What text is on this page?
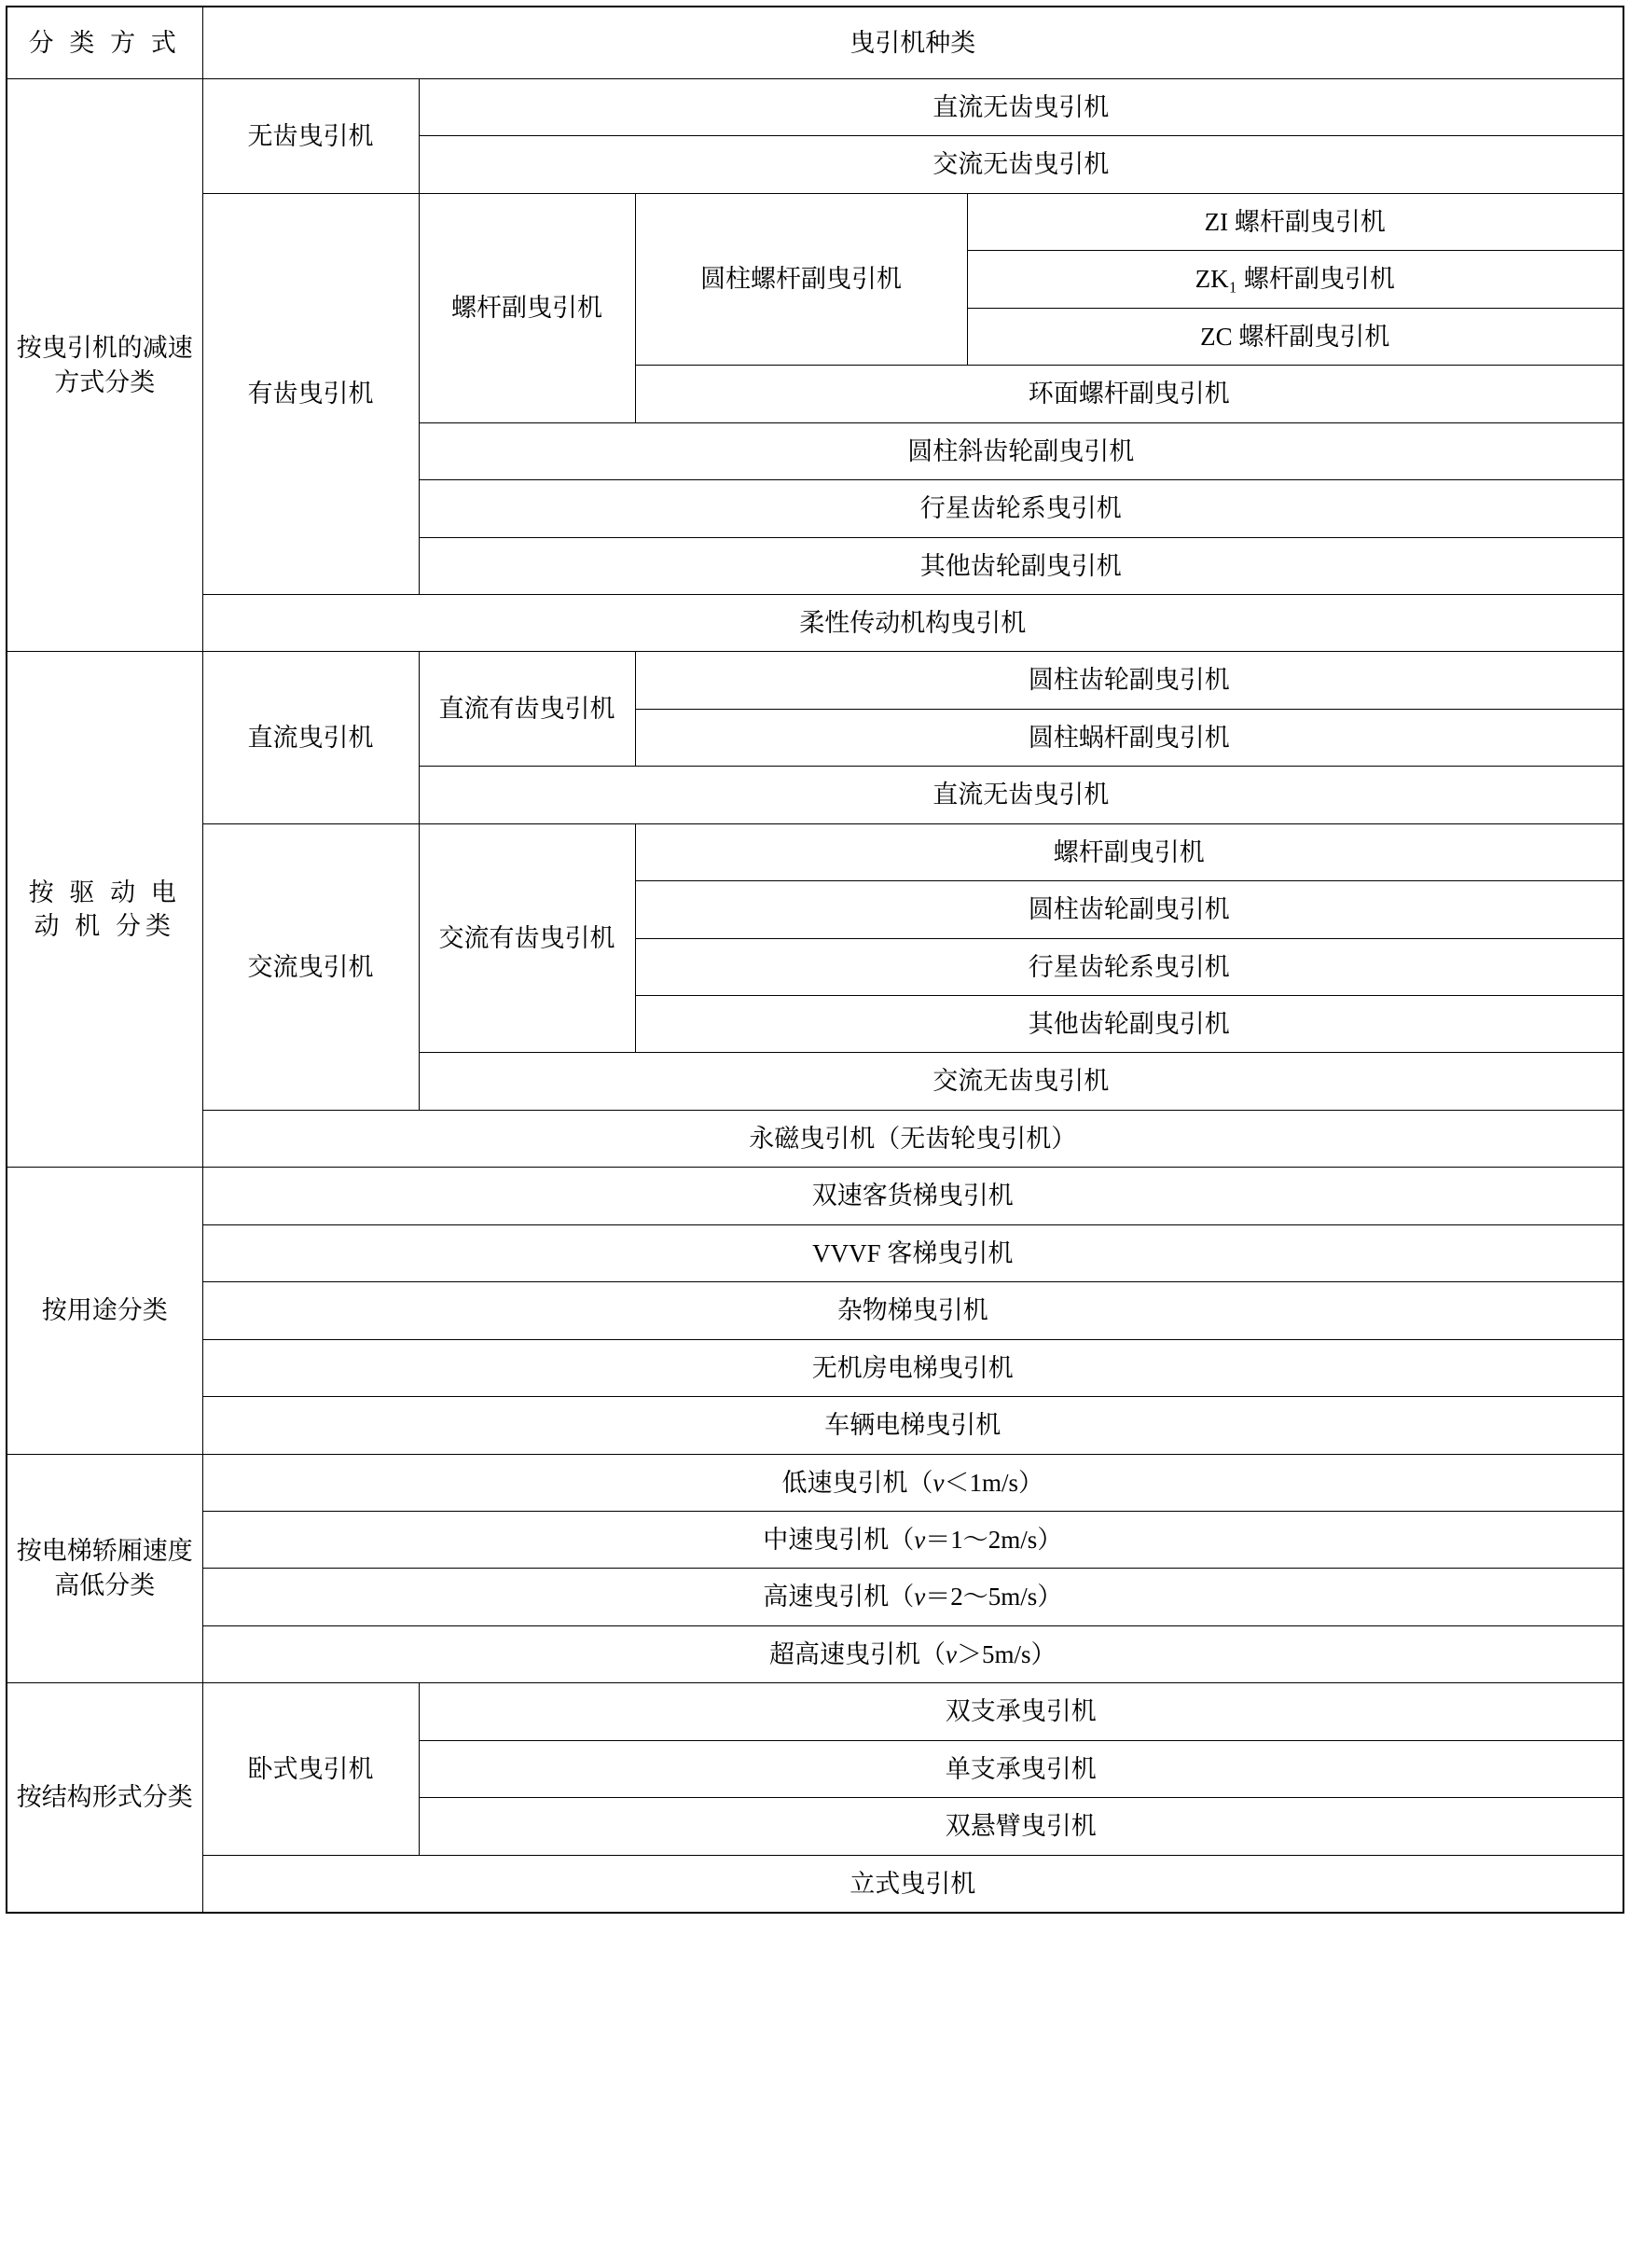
分 类 方 式	曳引机种类			
按曳引机的减速方式分类	无齿曳引机	直流无齿曳引机		
		交流无齿曳引机		
	有齿曳引机	螺杆副曳引机	圆柱螺杆副曳引机	ZI 螺杆副曳引机
				ZK₁ 螺杆副曳引机
				ZC 螺杆副曳引机
			环面螺杆副曳引机	
		圆柱斜齿轮副曳引机		
		行星齿轮系曳引机		
		其他齿轮副曳引机		
	柔性传动机构曳引机			
按 驱 动 电 动 机 分类	直流曳引机	直流有齿曳引机	圆柱齿轮副曳引机	
			圆柱蜗杆副曳引机	
		直流无齿曳引机		
	交流曳引机	交流有齿曳引机	螺杆副曳引机	
			圆柱齿轮副曳引机	
			行星齿轮系曳引机	
			其他齿轮副曳引机	
		交流无齿曳引机		
	永磁曳引机（无齿轮曳引机）			
按用途分类	双速客货梯曳引机			
	VVVF 客梯曳引机			
	杂物梯曳引机			
	无机房电梯曳引机			
	车辆电梯曳引机			
按电梯轿厢速度高低分类	低速曳引机（v＜1m/s）			
	中速曳引机（v＝1～2m/s）			
	高速曳引机（v＝2～5m/s）			
	超高速曳引机（v＞5m/s）			
按结构形式分类	卧式曳引机	双支承曳引机		
		单支承曳引机		
		双悬臂曳引机		
	立式曳引机			
